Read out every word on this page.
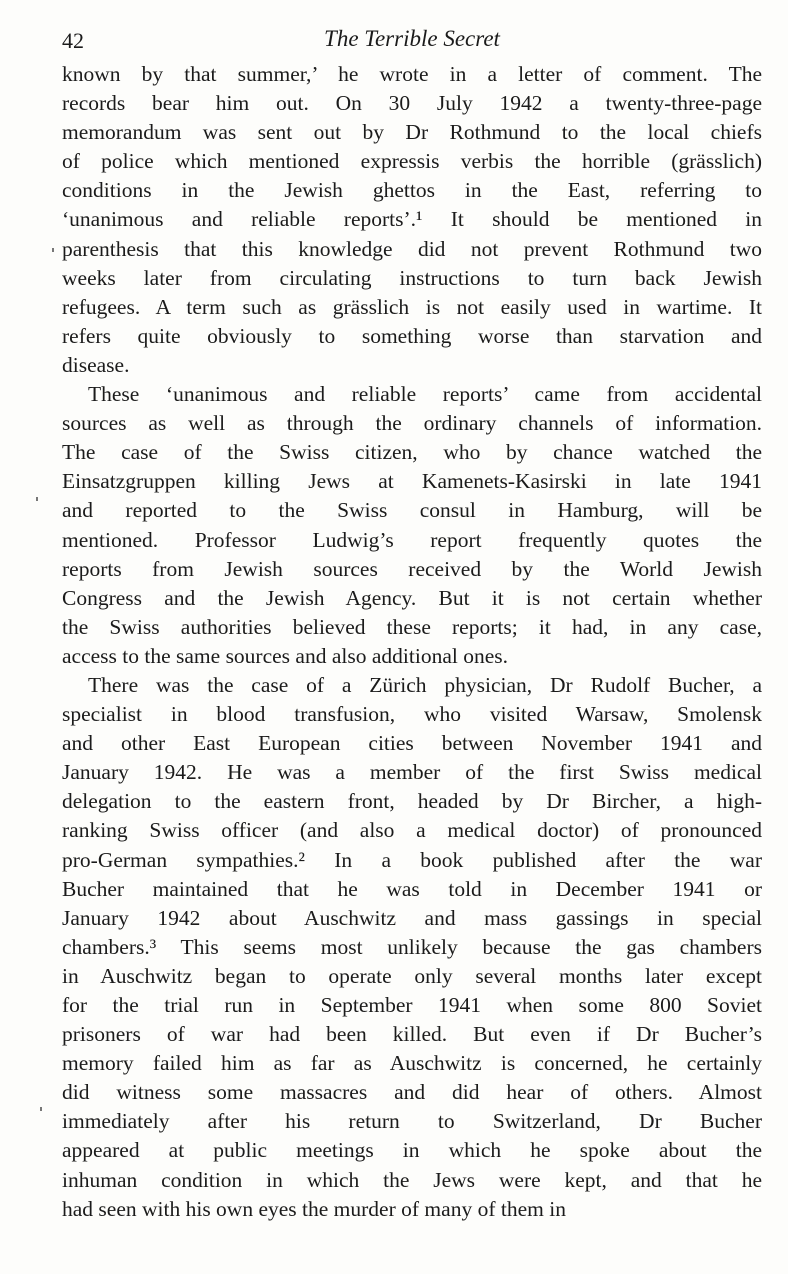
42	The Terrible Secret

known by that summer,’ he wrote in a letter of comment. The
records bear him out. On 30 July 1942 a twenty-three-page
memorandum was sent out by Dr Rothmund to the local chiefs
of police which mentioned expressis verbis the horrible (grässlich)
conditions in the Jewish ghettos in the East, referring to
‘unanimous and reliable reports’.¹ It should be mentioned in
parenthesis that this knowledge did not prevent Rothmund two
weeks later from circulating instructions to turn back Jewish
refugees. A term such as grässlich is not easily used in wartime. It
refers quite obviously to something worse than starvation and
disease.

These ‘unanimous and reliable reports’ came from accidental
sources as well as through the ordinary channels of information.
The case of the Swiss citizen, who by chance watched the
Einsatzgruppen killing Jews at Kamenets-Kasirski in late 1941
and reported to the Swiss consul in Hamburg, will be
mentioned. Professor Ludwig’s report frequently quotes the
reports from Jewish sources received by the World Jewish
Congress and the Jewish Agency. But it is not certain whether
the Swiss authorities believed these reports; it had, in any case,
access to the same sources and also additional ones.

There was the case of a Zürich physician, Dr Rudolf Bucher, a
specialist in blood transfusion, who visited Warsaw, Smolensk
and other East European cities between November 1941 and
January 1942. He was a member of the first Swiss medical
delegation to the eastern front, headed by Dr Bircher, a high-
ranking Swiss officer (and also a medical doctor) of pronounced
pro-German sympathies.² In a book published after the war
Bucher maintained that he was told in December 1941 or
January 1942 about Auschwitz and mass gassings in special
chambers.³ This seems most unlikely because the gas chambers
in Auschwitz began to operate only several months later except
for the trial run in September 1941 when some 800 Soviet
prisoners of war had been killed. But even if Dr Bucher’s
memory failed him as far as Auschwitz is concerned, he certainly
did witness some massacres and did hear of others. Almost
immediately after his return to Switzerland, Dr Bucher
appeared at public meetings in which he spoke about the
inhuman condition in which the Jews were kept, and that he
had seen with his own eyes the murder of many of them in
